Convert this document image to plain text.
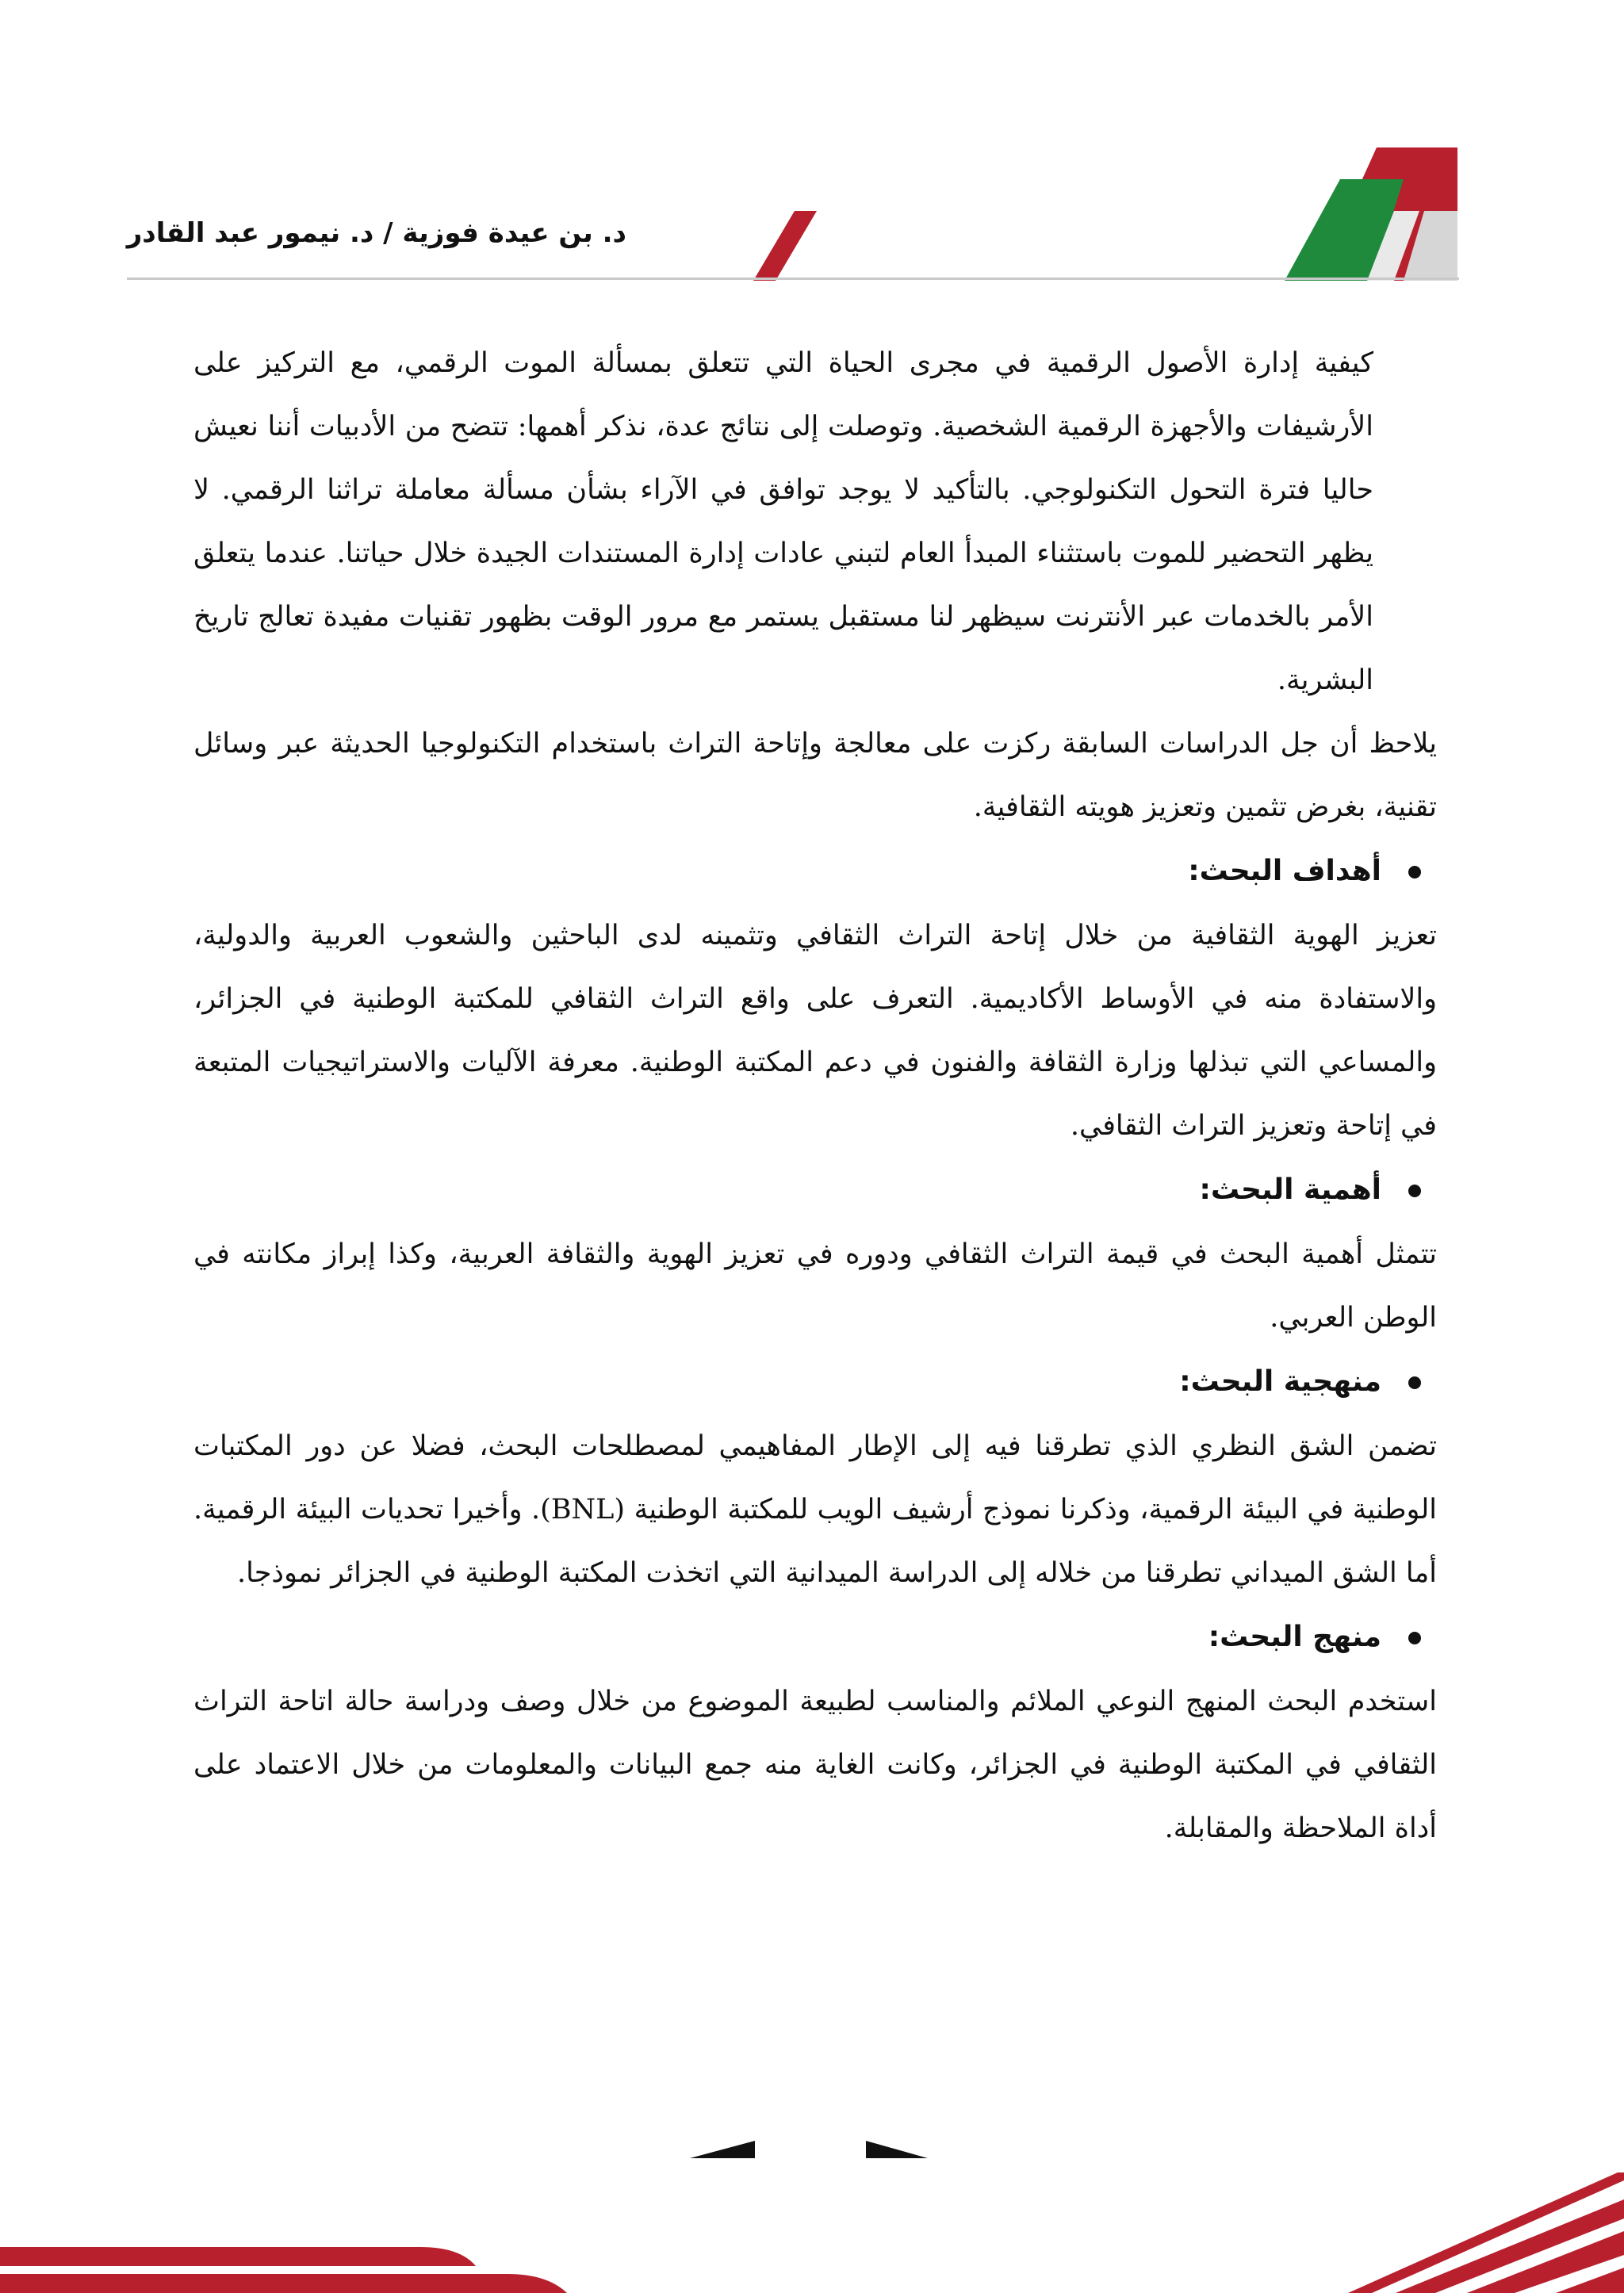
د. بن عيدة فوزية / د. نيمور عبد القادر

كيفية إدارة الأصول الرقمية في مجرى الحياة التي تتعلق بمسألة الموت الرقمي، مع التركيز على الأرشيفات والأجهزة الرقمية الشخصية. وتوصلت إلى نتائج عدة، نذكر أهمها: تتضح من الأدبيات أننا نعيش حاليا فترة التحول التكنولوجي. بالتأكيد لا يوجد توافق في الآراء بشأن مسألة معاملة تراثنا الرقمي. لا يظهر التحضير للموت باستثناء المبدأ العام لتبني عادات إدارة المستندات الجيدة خلال حياتنا. عندما يتعلق الأمر بالخدمات عبر الأنترنت سيظهر لنا مستقبل يستمر مع مرور الوقت بظهور تقنيات مفيدة تعالج تاريخ البشرية.

يلاحظ أن جل الدراسات السابقة ركزت على معالجة وإتاحة التراث باستخدام التكنولوجيا الحديثة عبر وسائل تقنية، بغرض تثمين وتعزيز هويته الثقافية.

أهداف البحث:

تعزيز الهوية الثقافية من خلال إتاحة التراث الثقافي وتثمينه لدى الباحثين والشعوب العربية والدولية، والاستفادة منه في الأوساط الأكاديمية. التعرف على واقع التراث الثقافي للمكتبة الوطنية في الجزائر، والمساعي التي تبذلها وزارة الثقافة والفنون في دعم المكتبة الوطنية. معرفة الآليات والاستراتيجيات المتبعة في إتاحة وتعزيز التراث الثقافي.

أهمية البحث:

تتمثل أهمية البحث في قيمة التراث الثقافي ودوره في تعزيز الهوية والثقافة العربية، وكذا إبراز مكانته في الوطن العربي.

منهجية البحث:

تضمن الشق النظري الذي تطرقنا فيه إلى الإطار المفاهيمي لمصطلحات البحث، فضلا عن دور المكتبات الوطنية في البيئة الرقمية، وذكرنا نموذج أرشيف الويب للمكتبة الوطنية (BNL). وأخيرا تحديات البيئة الرقمية. أما الشق الميداني تطرقنا من خلاله إلى الدراسة الميدانية التي اتخذت المكتبة الوطنية في الجزائر نموذجا.

منهج البحث:

استخدم البحث المنهج النوعي الملائم والمناسب لطبيعة الموضوع من خلال وصف ودراسة حالة اتاحة التراث الثقافي في المكتبة الوطنية في الجزائر، وكانت الغاية منه جمع البيانات والمعلومات من خلال الاعتماد على أداة الملاحظة والمقابلة.
